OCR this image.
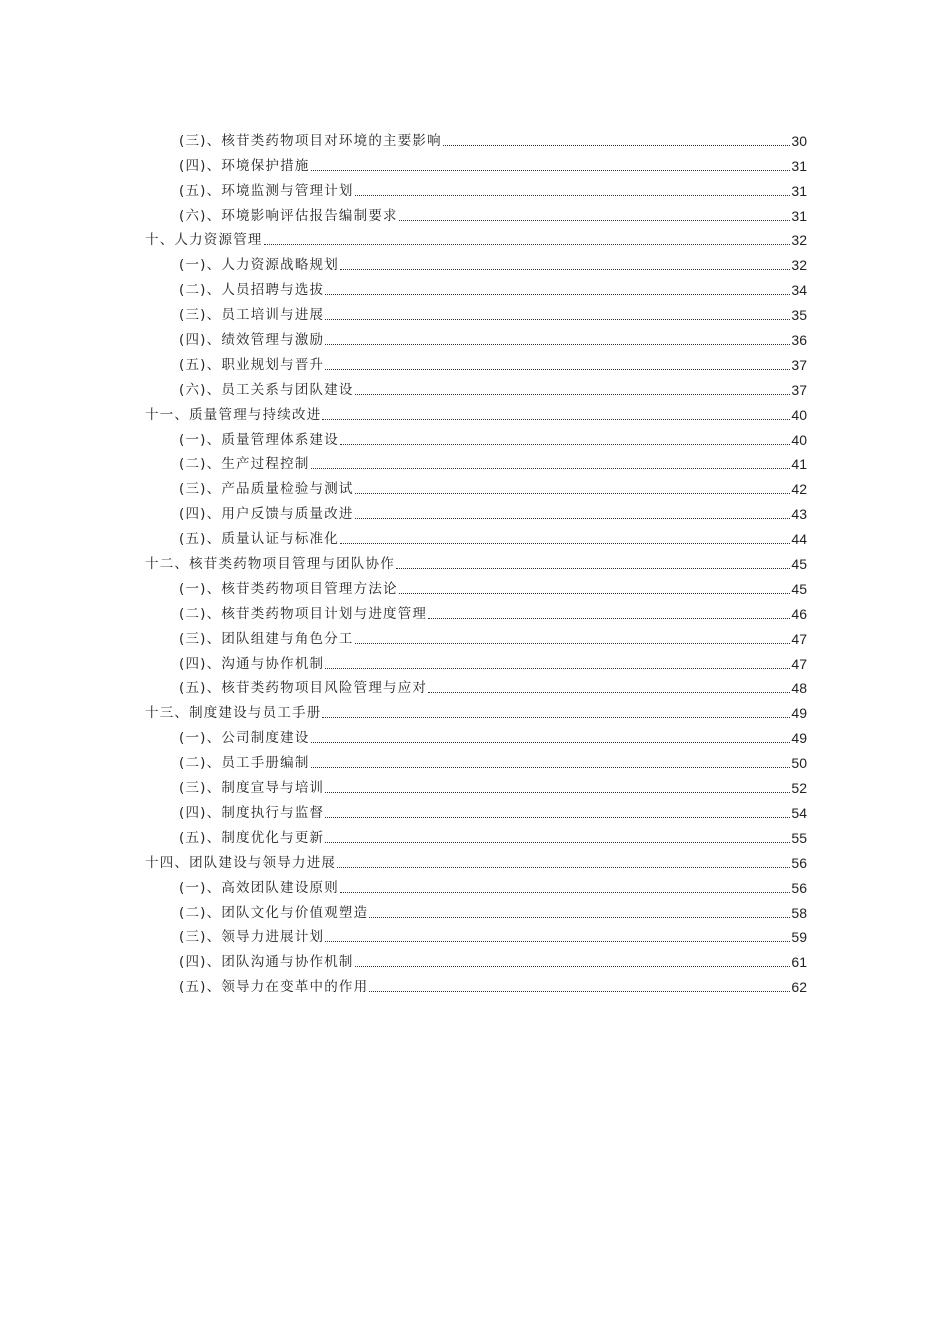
(三)、核苷类药物项目对环境的主要影响	30
(四)、环境保护措施	31
(五)、环境监测与管理计划	31
(六)、环境影响评估报告编制要求	31
十、人力资源管理	32
(一)、人力资源战略规划	32
(二)、人员招聘与选拔	34
(三)、员工培训与进展	35
(四)、绩效管理与激励	36
(五)、职业规划与晋升	37
(六)、员工关系与团队建设	37
十一、质量管理与持续改进	40
(一)、质量管理体系建设	40
(二)、生产过程控制	41
(三)、产品质量检验与测试	42
(四)、用户反馈与质量改进	43
(五)、质量认证与标准化	44
十二、核苷类药物项目管理与团队协作	45
(一)、核苷类药物项目管理方法论	45
(二)、核苷类药物项目计划与进度管理	46
(三)、团队组建与角色分工	47
(四)、沟通与协作机制	47
(五)、核苷类药物项目风险管理与应对	48
十三、制度建设与员工手册	49
(一)、公司制度建设	49
(二)、员工手册编制	50
(三)、制度宣导与培训	52
(四)、制度执行与监督	54
(五)、制度优化与更新	55
十四、团队建设与领导力进展	56
(一)、高效团队建设原则	56
(二)、团队文化与价值观塑造	58
(三)、领导力进展计划	59
(四)、团队沟通与协作机制	61
(五)、领导力在变革中的作用	62
